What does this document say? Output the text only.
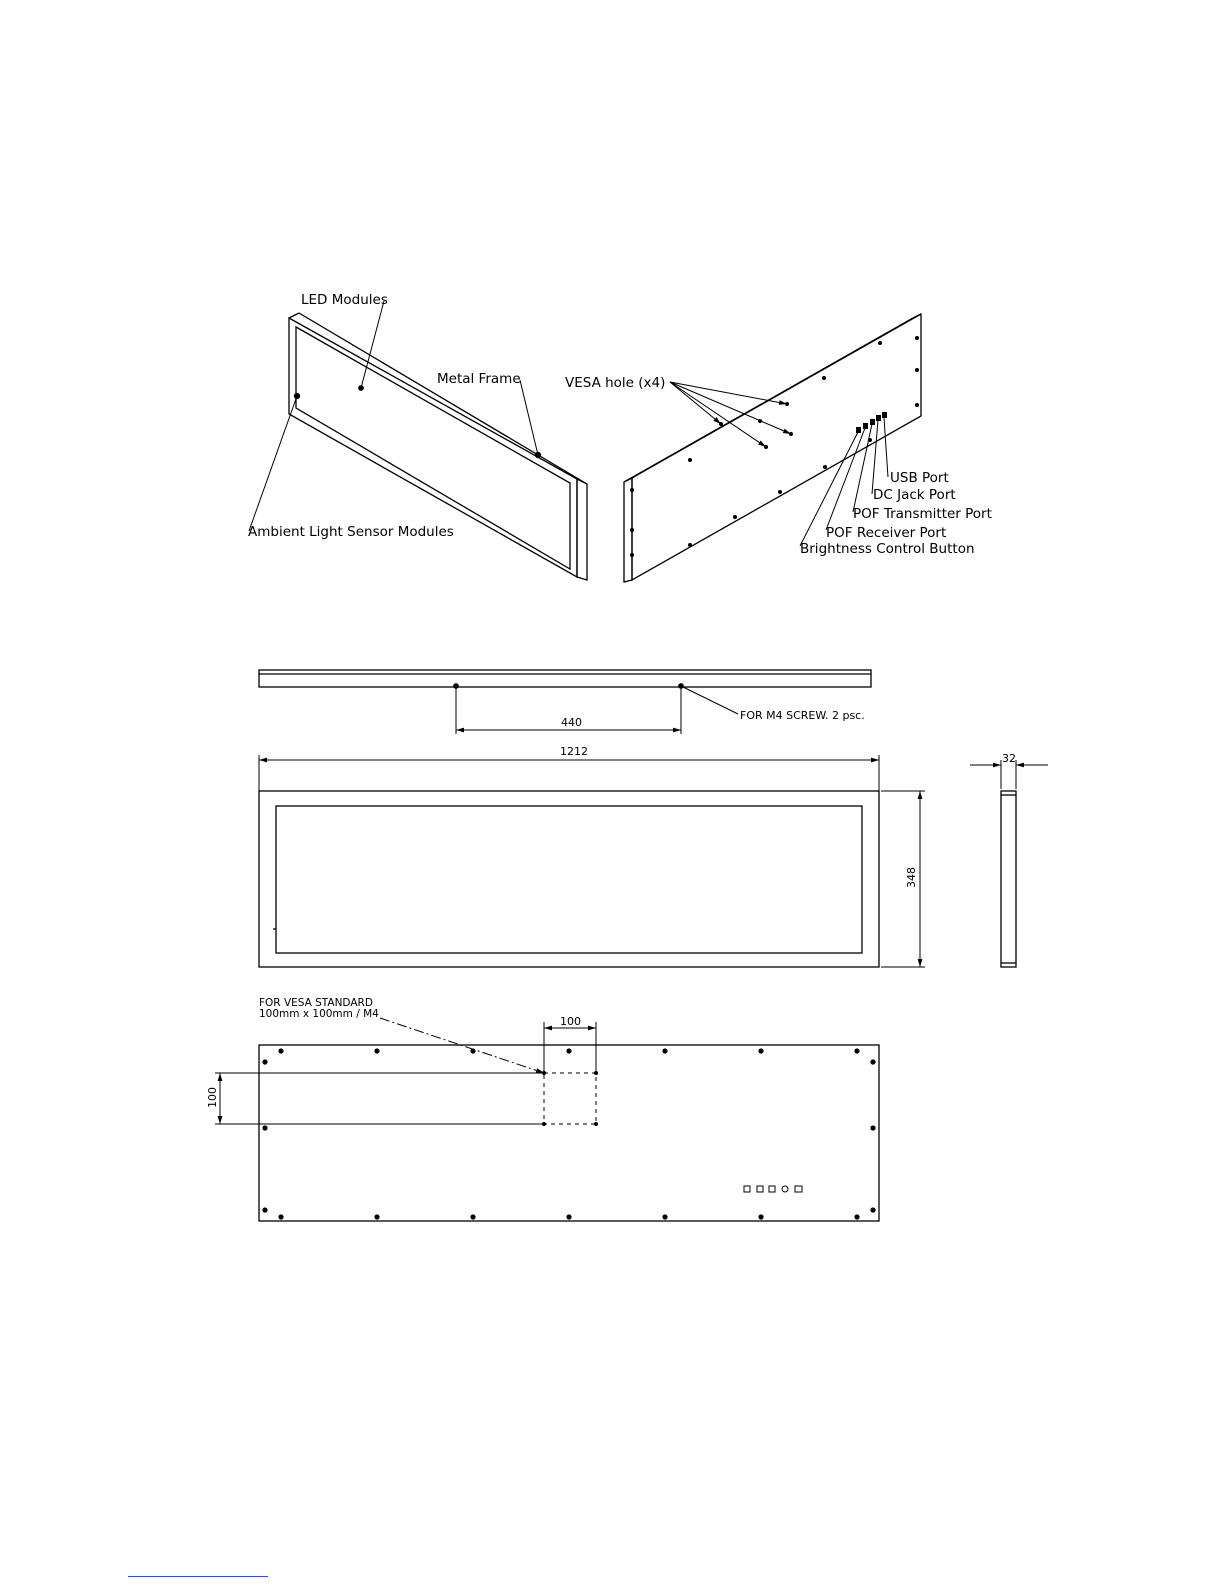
LED Modules
Metal Frame
Ambient Light Sensor Modules
VESA hole (x4)
USB Port
DC Jack Port
POF Transmitter Port
POF Receiver Port
Brightness Control Button
440
FOR M4 SCREW. 2 psc.
1212
348
32
FOR VESA STANDARD
100mm x 100mm / M4
100
100
